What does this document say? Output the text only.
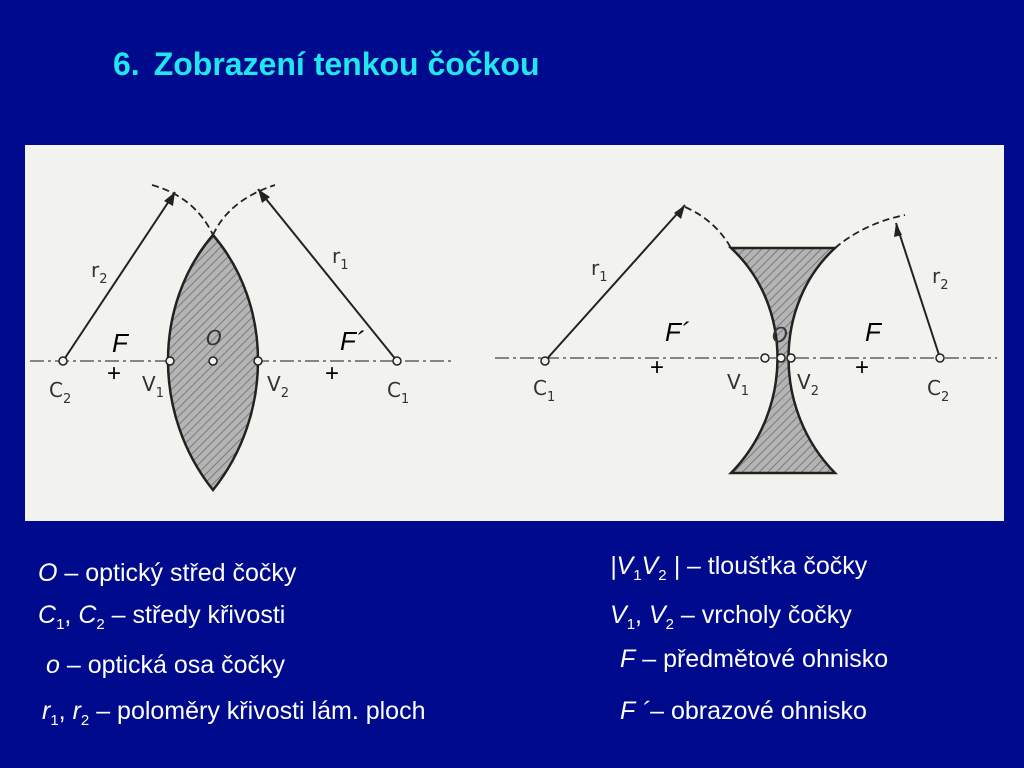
6. Zobrazení tenkou čočkou
$r_2$
$r_1$
O
F
+
F´
+
$C_2$
$V_1$	$V_2$	$C_1$
$r_1$	$r_2$
O
F´
+
F
+
$C_1$
$V_1$ $V_2$	$C_2$

O – optický střed čočky

$C_1$, $C_2$ – středy křivosti

o – optická osa čočky

$r_1$, $r_2$ – poloměry křivosti lám. ploch

$|V_1V_2$ | – tloušťka čočky

$V_1$, $V_2$ – vrcholy čočky

F – předmětové ohnisko

F ´– obrazové ohnisko
